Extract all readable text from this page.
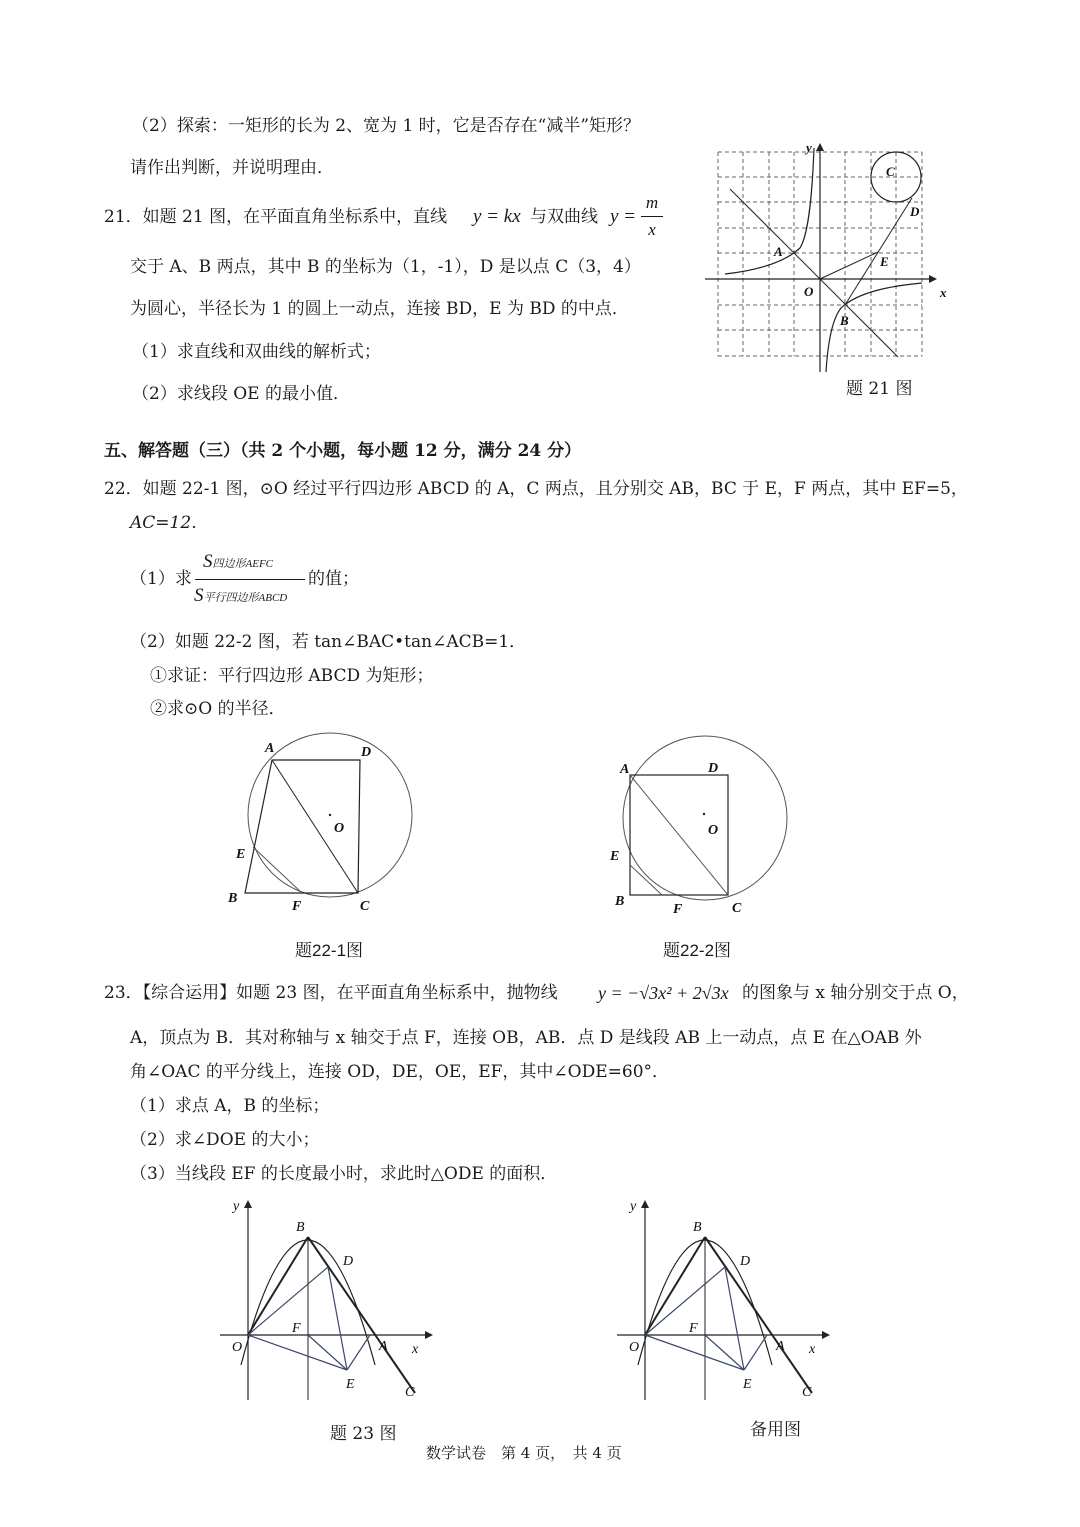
（2）探索：一矩形的长为 2、宽为 1 时，它是否存在“减半”矩形？
请作出判断，并说明理由．
21．如题 21 图，在平面直角坐标系中，直线 y = kx 与双曲线 y =
m
x
交于 A、B 两点，其中 B 的坐标为（1，-1），D 是以点 C（3，4）
为圆心，半径长为 1 的圆上一动点，连接 BD，E 为 BD 的中点．
（1）求直线和双曲线的解析式；
（2）求线段 OE 的最小值．
y
x
O
A
B
C
D
E
题 21 图
五、解答题（三）（共 2 个小题，每小题 12 分，满分 24 分）
22．如题 22-1 图，⊙O 经过平行四边形 ABCD 的 A，C 两点，且分别交 AB，BC 于 E，F 两点，其中 EF=5，
AC=12．
（1）求
S四边形AEFC
S平行四边形ABCD
的值；
（2）如题 22-2 图，若 tan∠BAC•tan∠ACB=1．
①求证：平行四边形 ABCD 为矩形；
②求⊙O 的半径．
A	D
O
E
B
F	C
题22-1图
A	D
O
E
B
F	C
题22-2图
23．【综合运用】如题 23 图，在平面直角坐标系中，抛物线 y = −√3x² + 2√3x 的图象与 x 轴分别交于点 O，
A，顶点为 B．其对称轴与 x 轴交于点 F，连接 OB，AB．点 D 是线段 AB 上一动点，点 E 在△OAB 外
角∠OAC 的平分线上，连接 OD，DE，OE，EF，其中∠ODE=60°．
（1）求点 A，B 的坐标；
（2）求∠DOE 的大小；
（3）当线段 EF 的长度最小时，求此时△ODE 的面积．
y
x
O
B
D
F
A
E
C
题 23 图
y
x
O
B
D
F
A
E
C
备用图
数学试卷　第 4 页，　共 4 页
